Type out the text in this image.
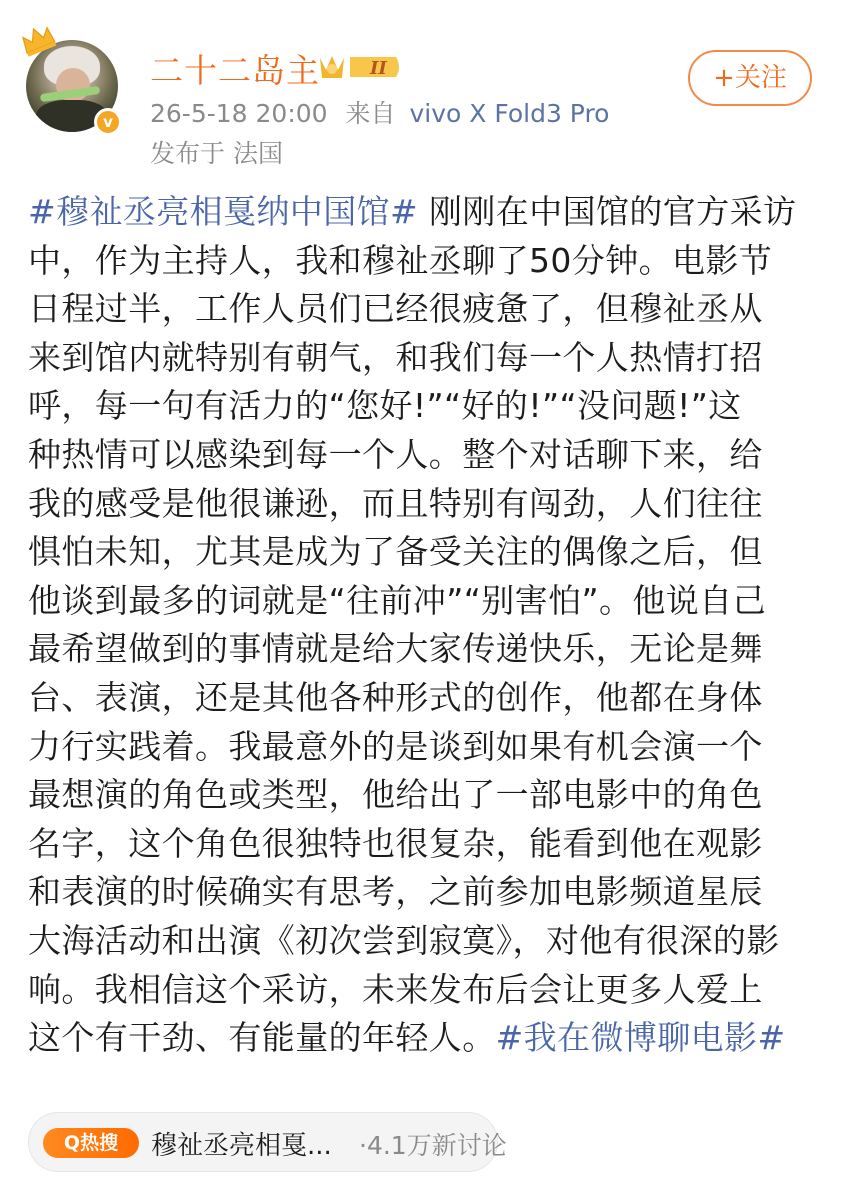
v
二十二岛主	II
26-5-18 20:00 来自 vivo X Fold3 Pro
发布于 法国
+关注
#穆祉丞亮相戛纳中国馆# 刚刚在中国馆的官方采访
中，作为主持人，我和穆祉丞聊了50分钟。电影节
日程过半，工作人员们已经很疲惫了，但穆祉丞从
来到馆内就特别有朝气，和我们每一个人热情打招
呼，每一句有活力的“您好!”“好的!”“没问题!”这
种热情可以感染到每一个人。整个对话聊下来，给
我的感受是他很谦逊，而且特别有闯劲，人们往往
惧怕未知，尤其是成为了备受关注的偶像之后，但
他谈到最多的词就是“往前冲”“别害怕”。他说自己
最希望做到的事情就是给大家传递快乐，无论是舞
台、表演，还是其他各种形式的创作，他都在身体
力行实践着。我最意外的是谈到如果有机会演一个
最想演的角色或类型，他给出了一部电影中的角色
名字，这个角色很独特也很复杂，能看到他在观影
和表演的时候确实有思考，之前参加电影频道星辰
大海活动和出演《初次尝到寂寞》，对他有很深的影
响。我相信这个采访，未来发布后会让更多人爱上
这个有干劲、有能量的年轻人。#我在微博聊电影#
Q热搜	穆祉丞亮相戛... ·4.1万新讨论
